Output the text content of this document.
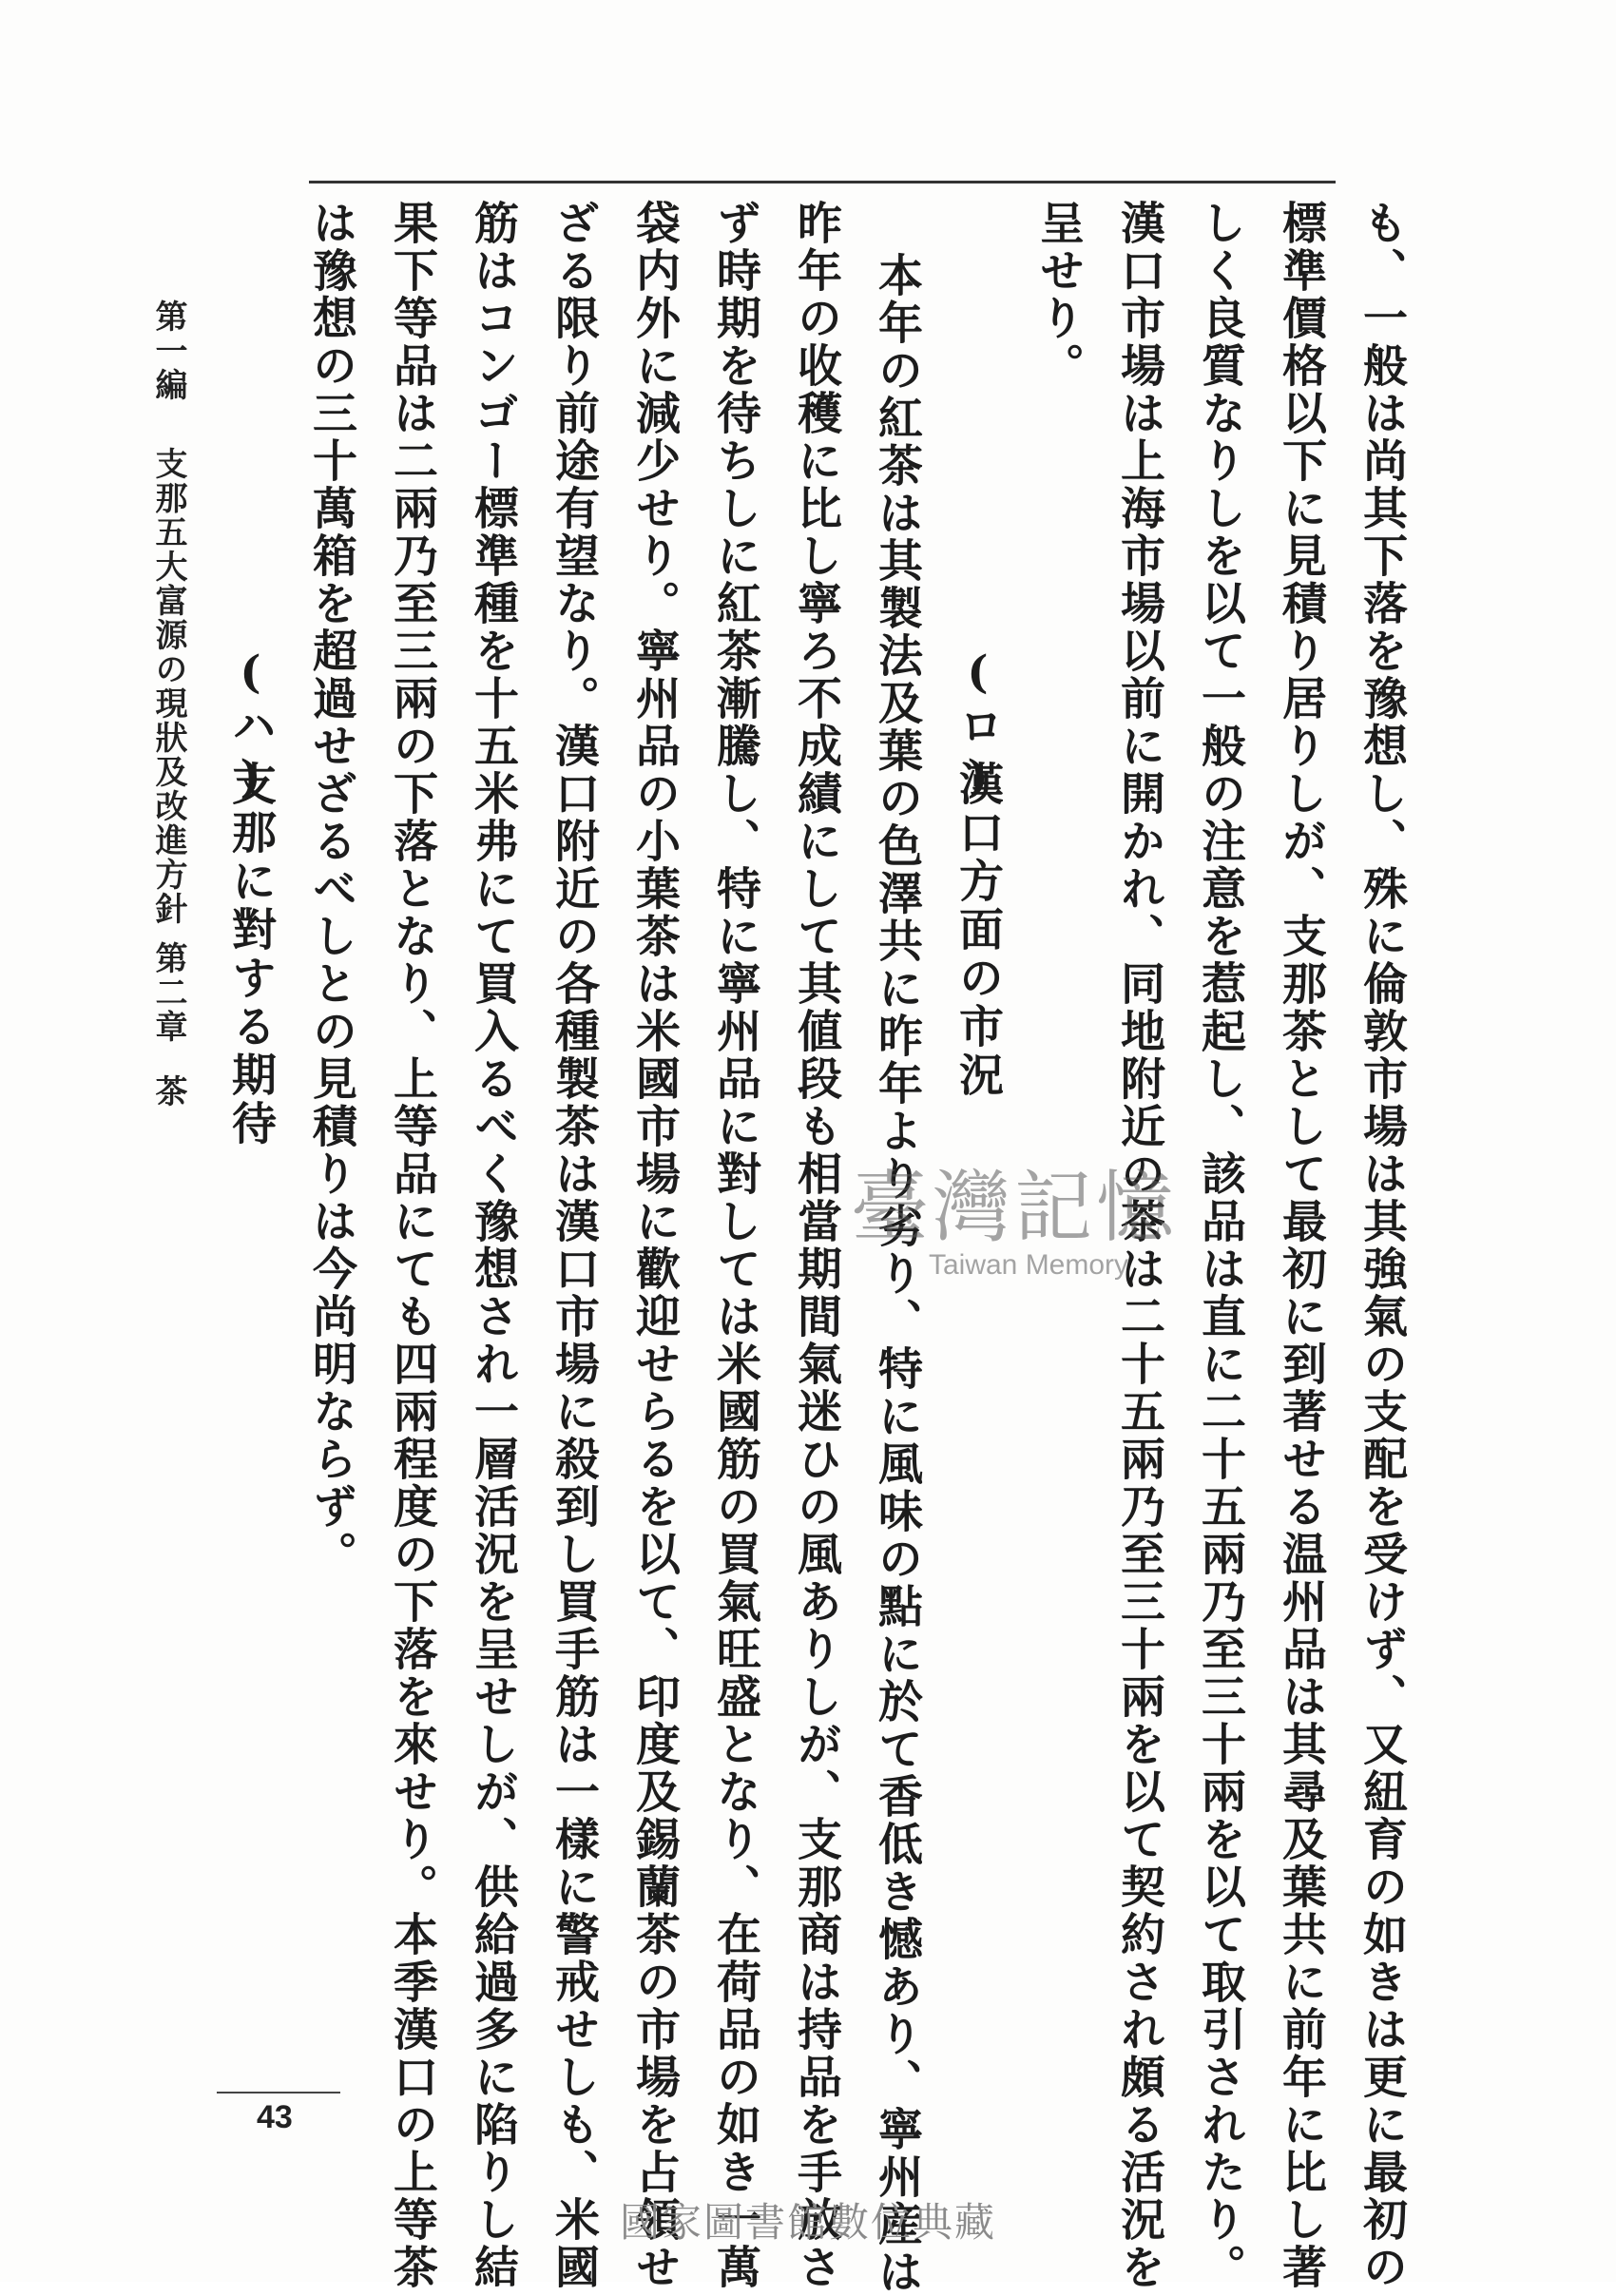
も、一般は尚其下落を豫想し、殊に倫敦市場は其強氣の支配を受けず、又紐育の如きは更に最初の
標準價格以下に見積り居りしが、支那茶として最初に到著せる温州品は其尋及葉共に前年に比し著
しく良質なりしを以て一般の注意を惹起し、該品は直に二十五兩乃至三十兩を以て取引されたり。
漢口市場は上海市場以前に開かれ、同地附近の茶は二十五兩乃至三十兩を以て契約され頗る活況を
呈せり。
(ロ)
漢口方面の市況
本年の紅茶は其製法及葉の色澤共に昨年より劣り、特に風味の點に於て香低き憾あり、寧州産は
昨年の收穫に比し寧ろ不成績にして其値段も相當期間氣迷ひの風ありしが、支那商は持品を手放さ
ず時期を待ちしに紅茶漸騰し、特に寧州品に對しては米國筋の買氣旺盛となり、在荷品の如き一萬
袋内外に減少せり。寧州品の小葉茶は米國市場に歡迎せらるを以て、印度及錫蘭茶の市場を占領せ
ざる限り前途有望なり。漢口附近の各種製茶は漢口市場に殺到し買手筋は一樣に警戒せしも、米國
筋はコンゴー標準種を十五米弗にて買入るべく豫想され一層活況を呈せしが、供給過多に陷りし結
果下等品は二兩乃至三兩の下落となり、上等品にても四兩程度の下落を來せり。本季漢口の上等茶
は豫想の三十萬箱を超過せざるべしとの見積りは今尚明ならず。
(ハ)
支那に對する期待
第一編
支那五大富源の現狀及改進方針
第二章
茶
43
臺灣記憶
Taiwan Memory
國家圖書館數位典藏
